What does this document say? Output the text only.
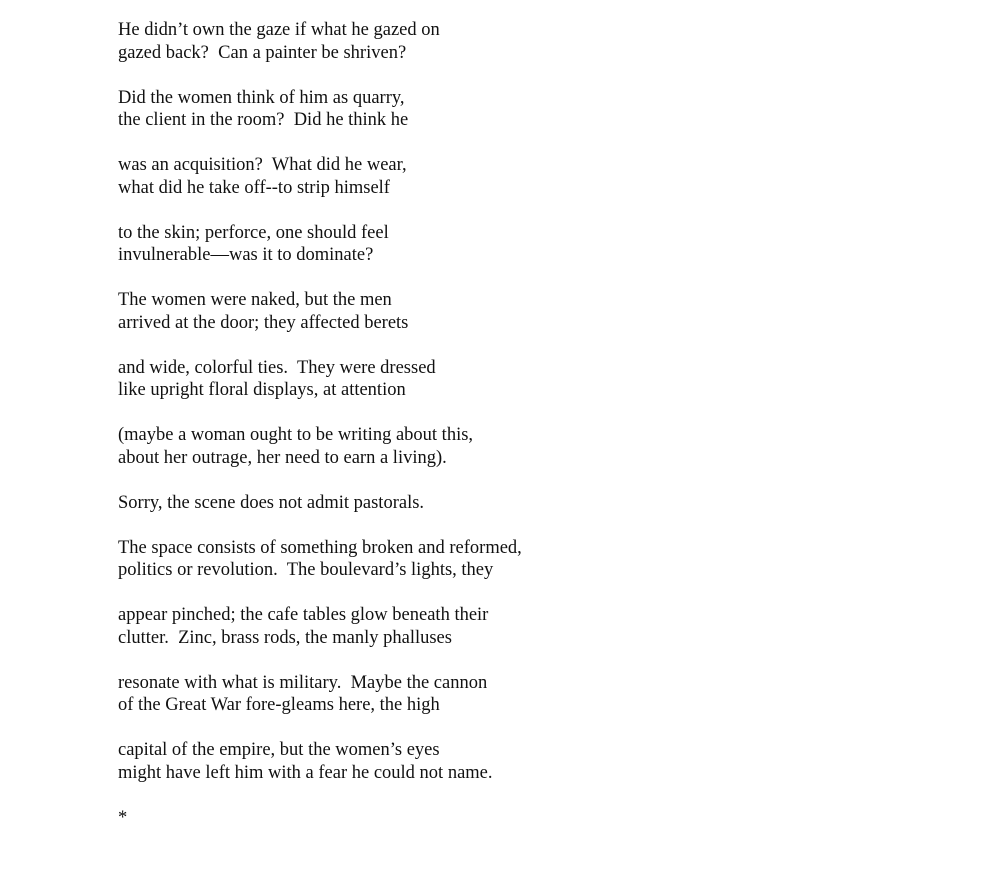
He didn’t own the gaze if what he gazed on
gazed back?  Can a painter be shriven?
Did the women think of him as quarry,
the client in the room?  Did he think he
was an acquisition?  What did he wear,
what did he take off--to strip himself
to the skin; perforce, one should feel
invulnerable—was it to dominate?
The women were naked, but the men
arrived at the door; they affected berets
and wide, colorful ties.  They were dressed
like upright floral displays, at attention
(maybe a woman ought to be writing about this,
about her outrage, her need to earn a living).
Sorry, the scene does not admit pastorals.
The space consists of something broken and reformed,
politics or revolution.  The boulevard’s lights, they
appear pinched; the cafe tables glow beneath their
clutter.  Zinc, brass rods, the manly phalluses
resonate with what is military.  Maybe the cannon
of the Great War fore-gleams here, the high
capital of the empire, but the women’s eyes
might have left him with a fear he could not name.
*
